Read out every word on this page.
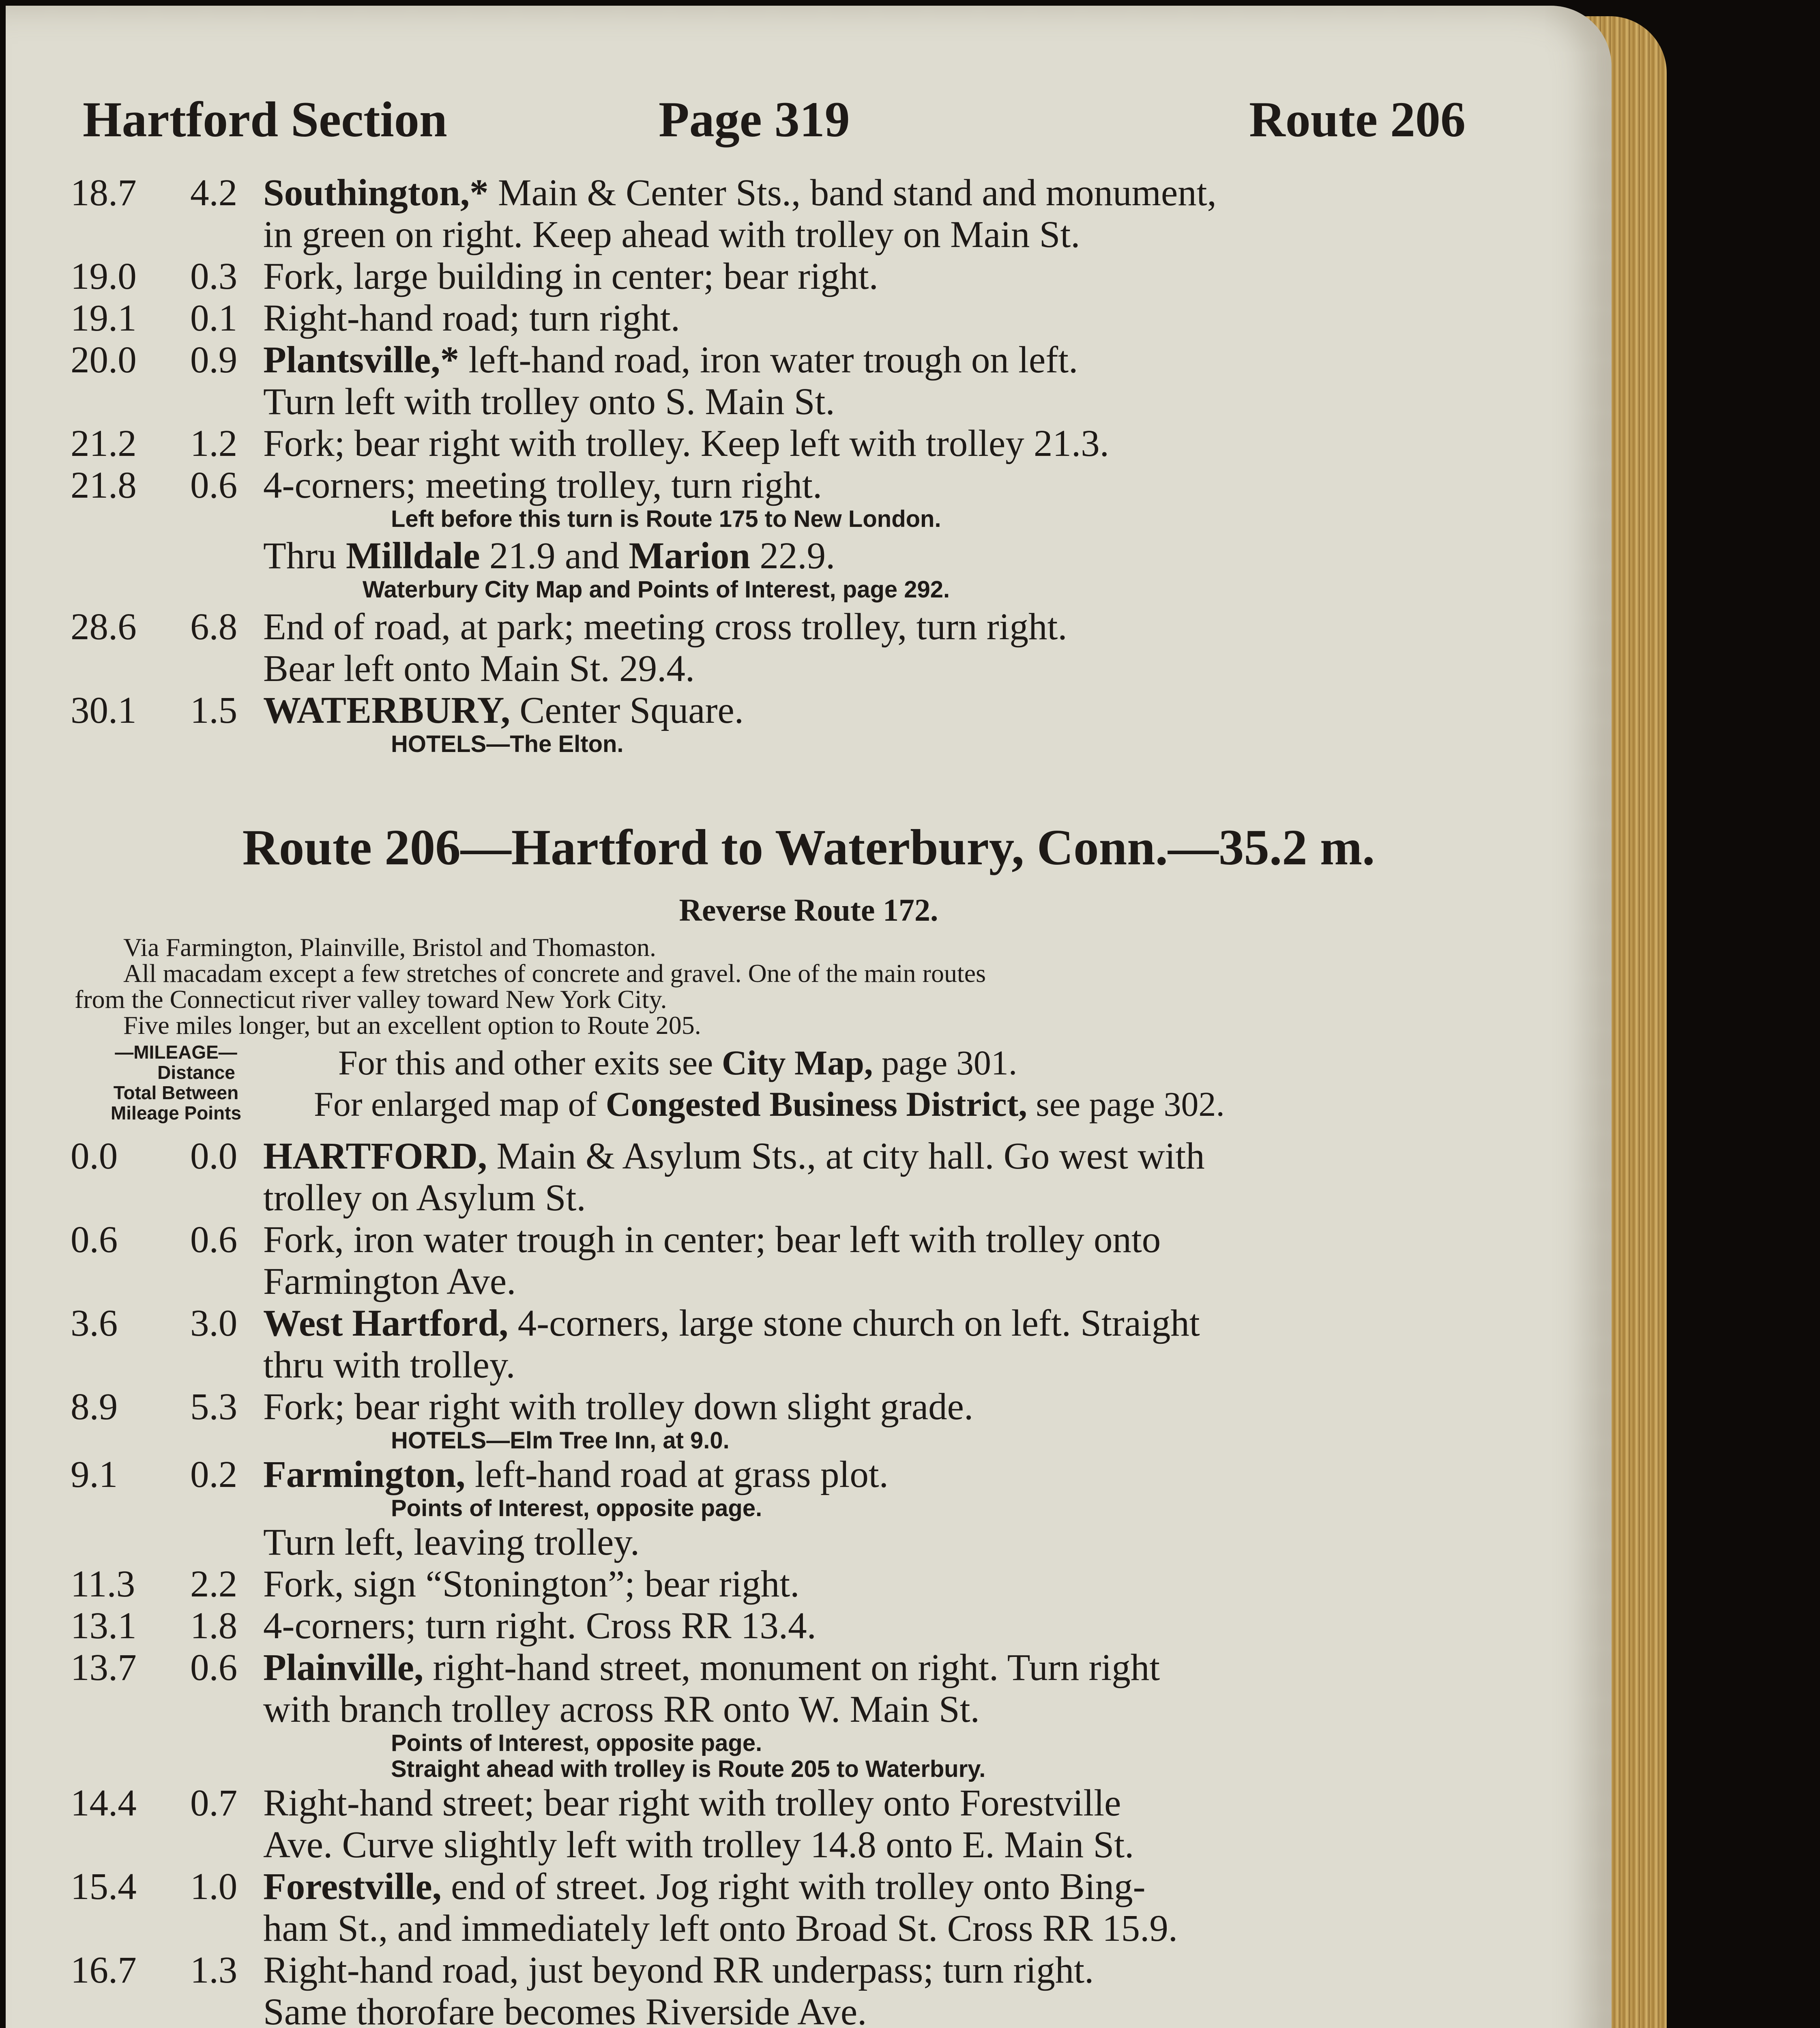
Hartford Section	Page 319	Route 206
18.7	4.2 Southington,* Main & Center Sts., band stand and monument,
in green on right. Keep ahead with trolley on Main St.
19.0	0.3 Fork, large building in center; bear right.
19.1	0.1 Right-hand road; turn right.
20.0	0.9 Plantsville,* left-hand road, iron water trough on left.
Turn left with trolley onto S. Main St.
21.2	1.2 Fork; bear right with trolley. Keep left with trolley 21.3.
21.8	0.6 4-corners; meeting trolley, turn right.
Left before this turn is Route 175 to New London.
Thru Milldale 21.9 and Marion 22.9.
Waterbury City Map and Points of Interest, page 292.
28.6	6.8 End of road, at park; meeting cross trolley, turn right.
Bear left onto Main St. 29.4.
30.1	1.5 WATERBURY, Center Square.
HOTELS—The Elton.
Route 206—Hartford to Waterbury, Conn.—35.2 m.
Reverse Route 172.
Via Farmington, Plainville, Bristol and Thomaston.
All macadam except a few stretches of concrete and gravel. One of the main routes
from the Connecticut river valley toward New York City.
Five miles longer, but an excellent option to Route 205.
—MILEAGE—
Distance
Total Between
Mileage Points
For this and other exits see City Map, page 301.
For enlarged map of Congested Business District, see page 302.
0.0	0.0 HARTFORD, Main & Asylum Sts., at city hall. Go west with
trolley on Asylum St.
0.6	0.6 Fork, iron water trough in center; bear left with trolley onto
Farmington Ave.
3.6	3.0 West Hartford, 4-corners, large stone church on left. Straight
thru with trolley.
8.9	5.3 Fork; bear right with trolley down slight grade.
HOTELS—Elm Tree Inn, at 9.0.
9.1	0.2 Farmington, left-hand road at grass plot.
Points of Interest, opposite page.
Turn left, leaving trolley.
11.3	2.2 Fork, sign “Stonington”; bear right.
13.1	1.8 4-corners; turn right. Cross RR 13.4.
13.7	0.6 Plainville, right-hand street, monument on right. Turn right
with branch trolley across RR onto W. Main St.
Points of Interest, opposite page.
Straight ahead with trolley is Route 205 to Waterbury.
14.4	0.7 Right-hand street; bear right with trolley onto Forestville
Ave. Curve slightly left with trolley 14.8 onto E. Main St.
15.4	1.0 Forestville, end of street. Jog right with trolley onto Bing-
ham St., and immediately left onto Broad St. Cross RR 15.9.
16.7	1.3 Right-hand road, just beyond RR underpass; turn right.
Same thorofare becomes Riverside Ave.
